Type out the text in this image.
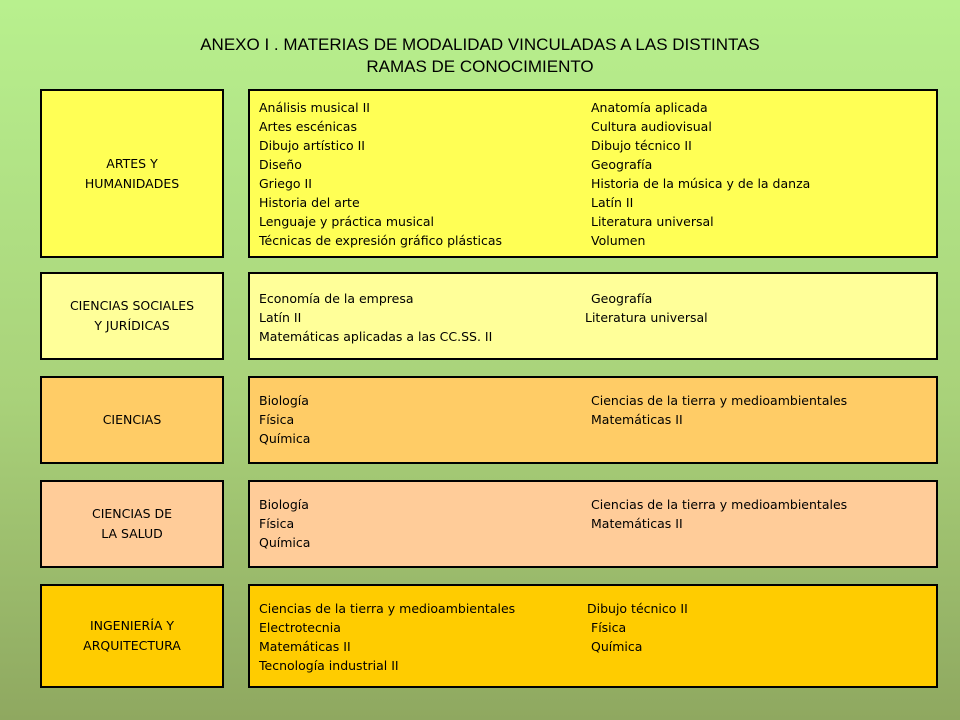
ANEXO I . MATERIAS DE MODALIDAD VINCULADAS A LAS DISTINTAS
RAMAS DE CONOCIMIENTO
ARTES Y
HUMANIDADES
Análisis musical II	Anatomía aplicada
Artes escénicas	Cultura audiovisual
Dibujo artístico II	Dibujo técnico II
Diseño	Geografía
Griego II	Historia de la música y de la danza
Historia del arte	Latín II
Lenguaje y práctica musical	Literatura universal
Técnicas de expresión gráfico plásticas	Volumen
CIENCIAS SOCIALES
Y JURÍDICAS
Economía de la empresa	Geografía
Latín II	Literatura universal
Matemáticas aplicadas a las CC.SS. II
CIENCIAS
Biología	Ciencias de la tierra y medioambientales
Física	Matemáticas II
Química
CIENCIAS DE
LA SALUD
Biología	Ciencias de la tierra y medioambientales
Física	Matemáticas II
Química
INGENIERÍA Y
ARQUITECTURA
Ciencias de la tierra y medioambientales	Dibujo técnico II
Electrotecnia	Física
Matemáticas II	Química
Tecnología industrial II
